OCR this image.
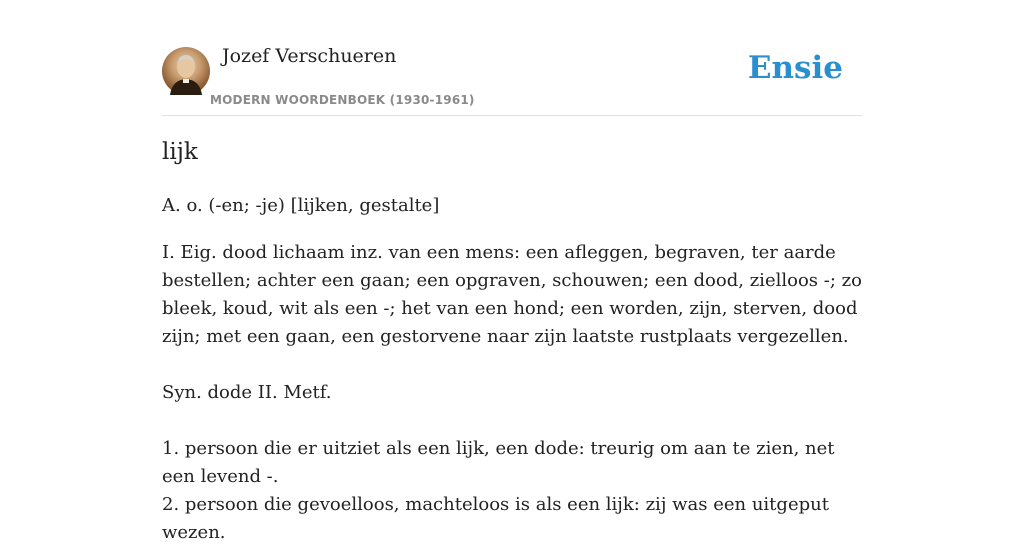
Jozef Verschueren
MODERN WOORDENBOEK (1930-1961)
Ensie
lijk

A. o. (-en; -je) [lijken, gestalte]

I. Eig. dood lichaam inz. van een mens: een afleggen, begraven, ter aarde bestellen; achter een gaan; een opgraven, schouwen; een dood, zielloos -; zo bleek, koud, wit als een -; het van een hond; een worden, zijn, sterven, dood zijn; met een gaan, een gestorvene naar zijn laatste rustplaats vergezellen.

Syn. dode II. Metf.

1. persoon die er uitziet als een lijk, een dode: treurig om aan te zien, net een levend -.
2. persoon die gevoelloos, machteloos is als een lijk: zij was een uitgeput wezen.
